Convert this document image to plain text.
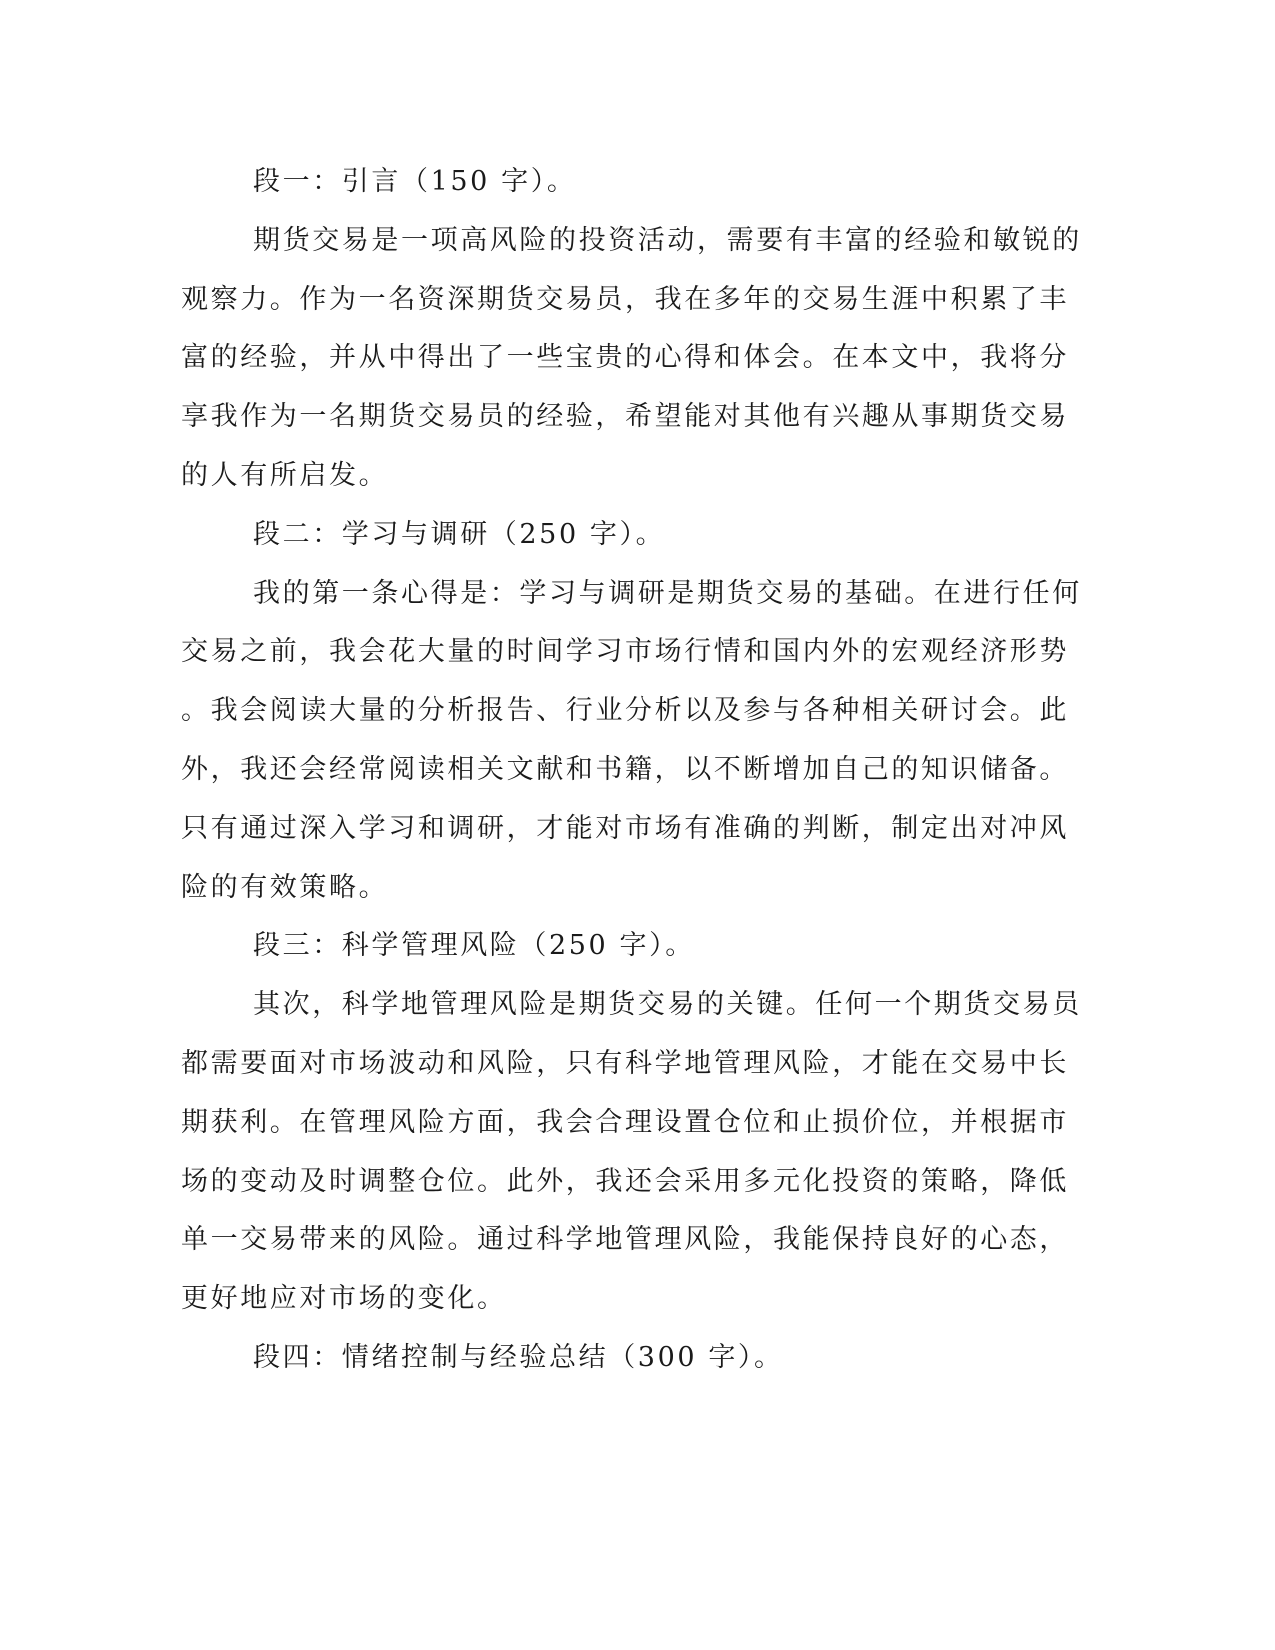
段一：引言（150 字）。
期货交易是一项高风险的投资活动，需要有丰富的经验和敏锐的
观察力。作为一名资深期货交易员，我在多年的交易生涯中积累了丰
富的经验，并从中得出了一些宝贵的心得和体会。在本文中，我将分
享我作为一名期货交易员的经验，希望能对其他有兴趣从事期货交易
的人有所启发。
段二：学习与调研（250 字）。
我的第一条心得是：学习与调研是期货交易的基础。在进行任何
交易之前，我会花大量的时间学习市场行情和国内外的宏观经济形势
。我会阅读大量的分析报告、行业分析以及参与各种相关研讨会。此
外，我还会经常阅读相关文献和书籍，以不断增加自己的知识储备。
只有通过深入学习和调研，才能对市场有准确的判断，制定出对冲风
险的有效策略。
段三：科学管理风险（250 字）。
其次，科学地管理风险是期货交易的关键。任何一个期货交易员
都需要面对市场波动和风险，只有科学地管理风险，才能在交易中长
期获利。在管理风险方面，我会合理设置仓位和止损价位，并根据市
场的变动及时调整仓位。此外，我还会采用多元化投资的策略，降低
单一交易带来的风险。通过科学地管理风险，我能保持良好的心态，
更好地应对市场的变化。
段四：情绪控制与经验总结（300 字）。
